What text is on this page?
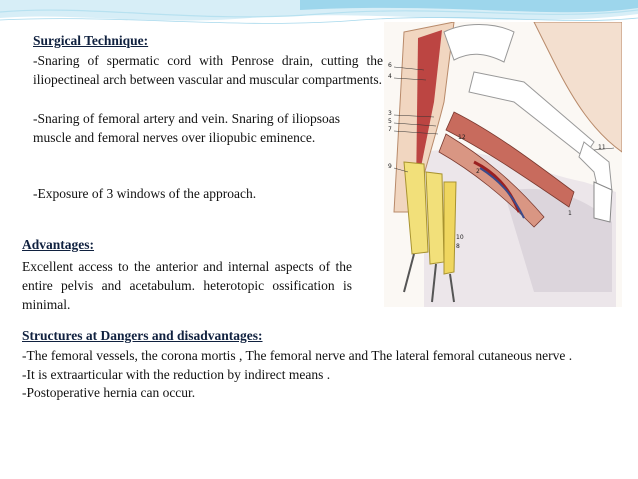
Surgical Technique:

-Snaring of spermatic cord with Penrose drain, cutting the iliopectineal arch between vascular and muscular compartments.

-Snaring of femoral artery and vein. Snaring of iliopsoas muscle and femoral nerves over iliopubic eminence.

-Exposure of 3 windows of the approach.

Advantages:

Excellent access to the anterior and internal aspects of the entire pelvis and acetabulum. heterotopic ossification is minimal.

Structures at Dangers and disadvantages:

-The femoral vessels, the corona mortis , The femoral nerve and The lateral femoral cutaneous nerve .

-It is extraarticular with the reduction by indirect means .

-Postoperative hernia can occur.

6
4
3
5
7
9
12
2
11
1
10
8
